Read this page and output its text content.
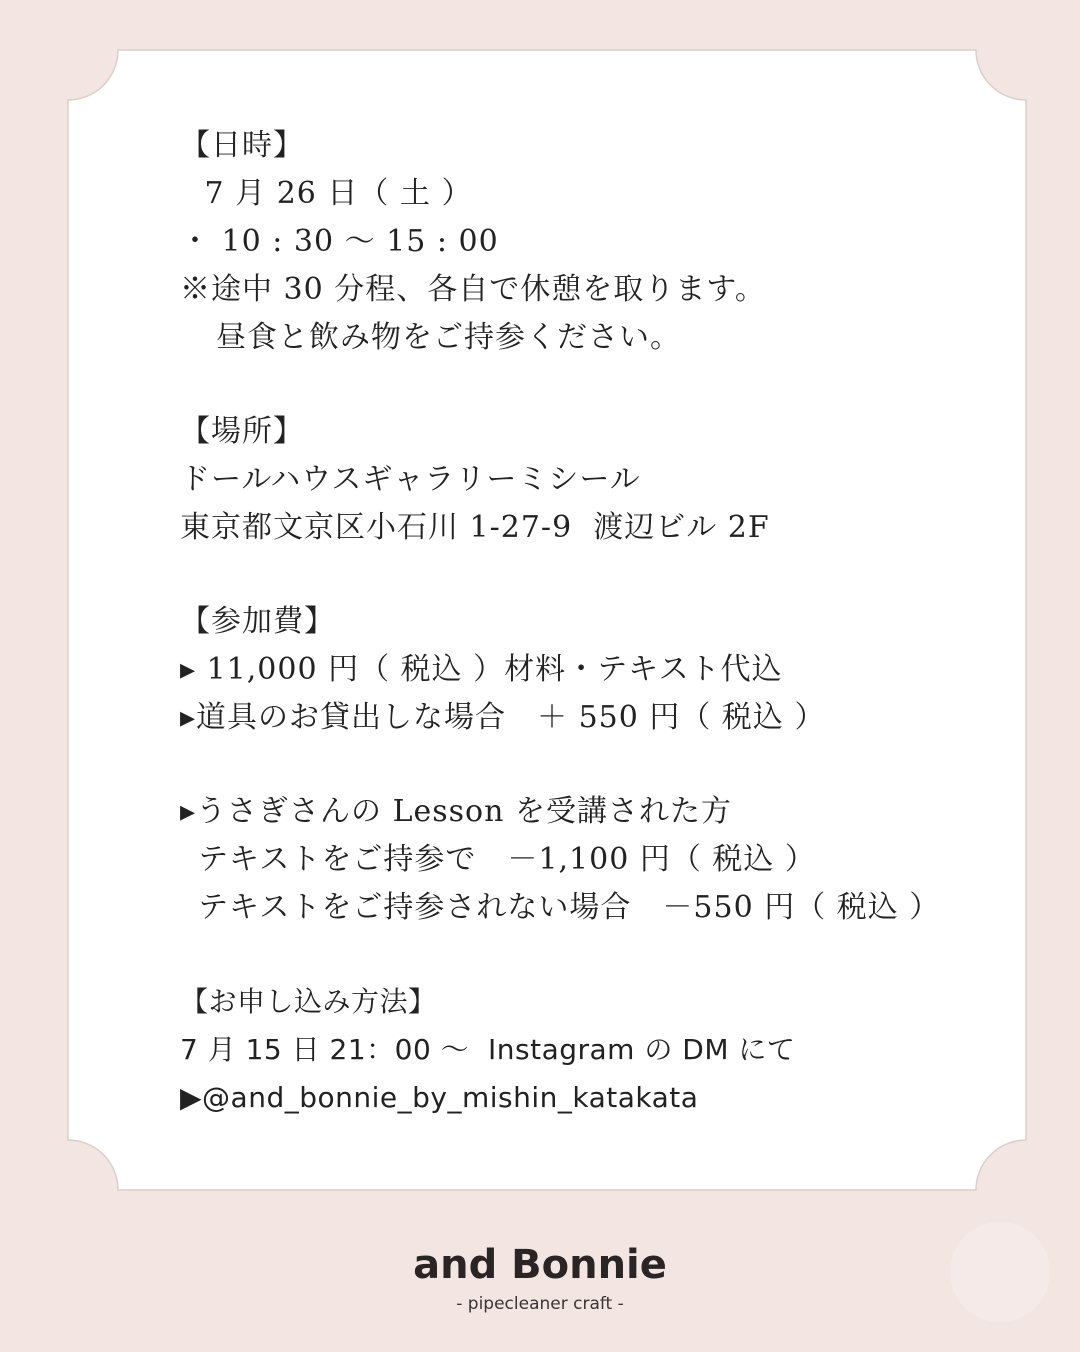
【日時】
7 月 26 日（ 土 ）
・ 10 : 30 〜 15 : 00
※途中 30 分程、各自で休憩を取ります。
昼食と飲み物をご持参ください。
【場所】
ドールハウスギャラリーミシール
東京都文京区小石川 1-27-9  渡辺ビル 2F
【参加費】
▸ 11,000 円（ 税込 ）材料・テキスト代込
▸道具のお貸出しな場合　＋ 550 円（ 税込 ）
▸うさぎさんの Lesson を受講された方
テキストをご持参で　－1,100 円（ 税込 ）
テキストをご持参されない場合　－550 円（ 税込 ）
【お申し込み方法】
7 月 15 日 21：00 〜  Instagram の DM にて
▶@and_bonnie_by_mishin_katakata
and Bonnie
- pipecleaner craft -
